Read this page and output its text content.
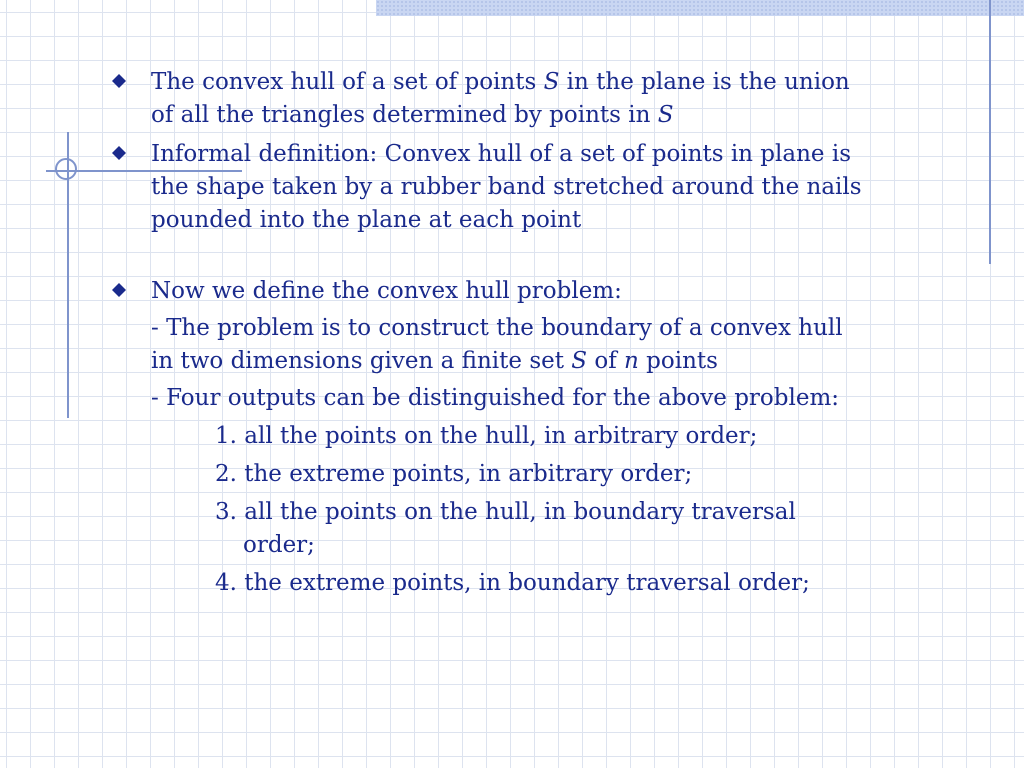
The convex hull of a set of points S in the plane is the union of all the triangles determined by points in S
Informal definition: Convex hull of a set of points in plane is the shape taken by a rubber band stretched around the nails pounded into the plane at each point
Now we define the convex hull problem:
- The problem is to construct the boundary of a convex hull in two dimensions given a finite set S of n points
- Four outputs can be distinguished for the above problem:
1. all the points on the hull, in arbitrary order;
2. the extreme points, in arbitrary order;
3. all the points on the hull, in boundary traversal order;
4. the extreme points, in boundary traversal order;
